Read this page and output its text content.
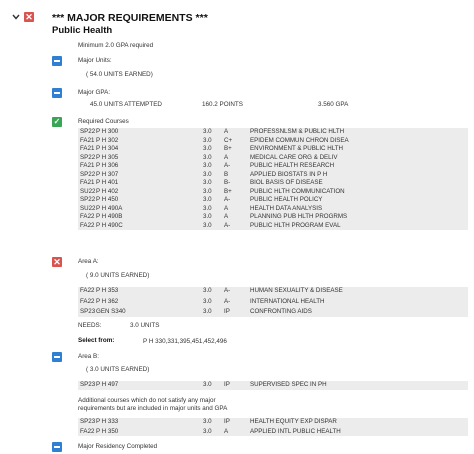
✕ *** MAJOR REQUIREMENTS ***
Public Health
Minimum 2.0 GPA required
Major Units:
( 54.0 UNITS EARNED)
Major GPA:
45.0 UNITS ATTEMPTED	160.2 POINTS	3.560 GPA
✓	Required Courses
SP22 P H 300	3.0 A	PROFESSNLSM & PUBLIC HLTH
FA21 P H 302	3.0 C+	EPIDEM COMMUN CHRON DISEA
FA21 P H 304	3.0 B+	ENVIRONMENT & PUBLIC HLTH
SP22 P H 305	3.0 A	MEDICAL CARE ORG & DELIV
FA21 P H 306	3.0 A-	PUBLIC HEALTH RESEARCH
SP22 P H 307	3.0 B	APPLIED BIOSTATS IN P H
FA21 P H 401	3.0 B-	BIOL BASIS OF DISEASE
SU22 P H 402	3.0 B+	PUBLIC HLTH COMMUNICATION
SP22 P H 450	3.0 A-	PUBLIC HEALTH POLICY
SU22 P H 490A	3.0 A	HEALTH DATA ANALYSIS
FA22 P H 490B	3.0 A	PLANNING PUB HLTH PROGRMS
FA22 P H 490C	3.0 A-	PUBLIC HLTH PROGRAM EVAL
✕	Area A:
( 9.0 UNITS EARNED)
FA22 P H 353	3.0 A-	HUMAN SEXUALITY & DISEASE
FA22 P H 362	3.0 A-	INTERNATIONAL HEALTH
SP23 GEN S340	3.0 IP	CONFRONTING AIDS
NEEDS:	3.0 UNITS
Select from:	P H 330,331,395,451,452,496
Area B:
( 3.0 UNITS EARNED)
SP23 P H 497	3.0 IP	SUPERVISED SPEC IN PH
Additional courses which do not satisfy any major
requirements but are included in major units and GPA
SP23 P H 333	3.0 IP	HEALTH EQUITY EXP DISPAR
FA22 P H 350	3.0 A	APPLIED INTL PUBLIC HEALTH
Major Residency Completed
